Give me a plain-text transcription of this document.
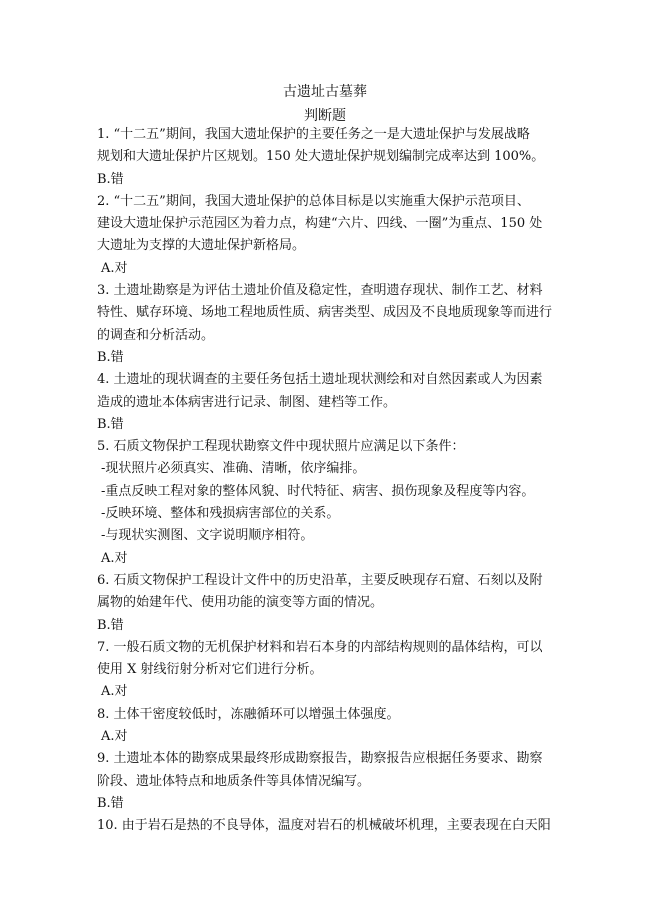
古遗址古墓葬
判断题
1. “十二五”期间，我国大遗址保护的主要任务之一是大遗址保护与发展战略
规划和大遗址保护片区规划。150 处大遗址保护规划编制完成率达到 100%。
B.错
2. “十二五”期间，我国大遗址保护的总体目标是以实施重大保护示范项目、
建设大遗址保护示范园区为着力点，构建“六片、四线、一圈”为重点、150 处
大遗址为支撑的大遗址保护新格局。
A.对
3. 土遗址勘察是为评估土遗址价值及稳定性，查明遗存现状、制作工艺、材料
特性、赋存环境、场地工程地质性质、病害类型、成因及不良地质现象等而进行
的调查和分析活动。
B.错
4. 土遗址的现状调查的主要任务包括土遗址现状测绘和对自然因素或人为因素
造成的遗址本体病害进行记录、制图、建档等工作。
B.错
5. 石质文物保护工程现状勘察文件中现状照片应满足以下条件：
-现状照片必须真实、准确、清晰，依序编排。
-重点反映工程对象的整体风貌、时代特征、病害、损伤现象及程度等内容。
-反映环境、整体和残损病害部位的关系。
-与现状实测图、文字说明顺序相符。
A.对
6. 石质文物保护工程设计文件中的历史沿革，主要反映现存石窟、石刻以及附
属物的始建年代、使用功能的演变等方面的情况。
B.错
7. 一般石质文物的无机保护材料和岩石本身的内部结构规则的晶体结构，可以
使用 X 射线衍射分析对它们进行分析。
A.对
8. 土体干密度较低时，冻融循环可以增强土体强度。
A.对
9. 土遗址本体的勘察成果最终形成勘察报告，勘察报告应根据任务要求、勘察
阶段、遗址体特点和地质条件等具体情况编写。
B.错
10. 由于岩石是热的不良导体，温度对岩石的机械破坏机理，主要表现在白天阳
